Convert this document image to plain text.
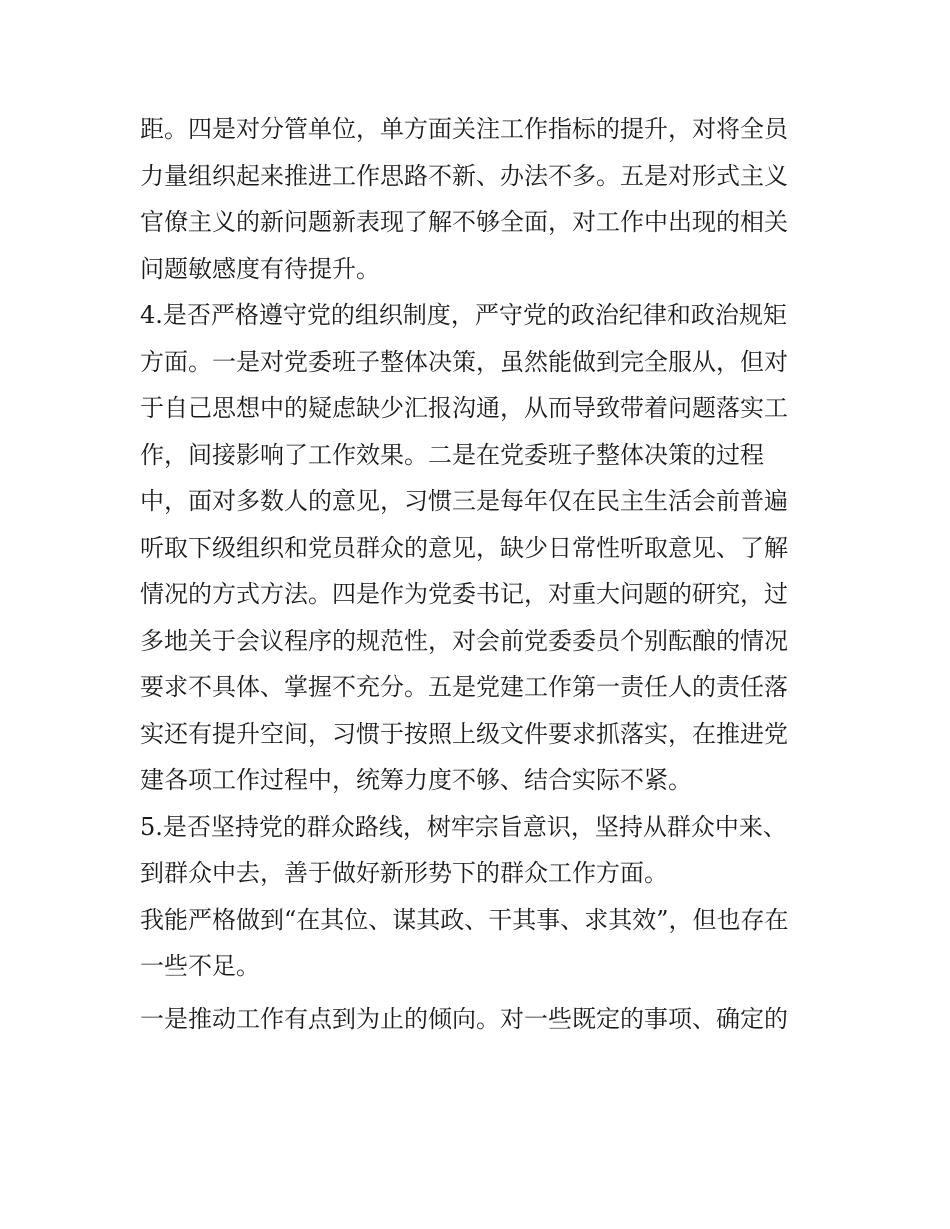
距。四是对分管单位，单方面关注工作指标的提升，对将全员
力量组织起来推进工作思路不新、办法不多。五是对形式主义
官僚主义的新问题新表现了解不够全面，对工作中出现的相关
问题敏感度有待提升。
4.是否严格遵守党的组织制度，严守党的政治纪律和政治规矩
方面。一是对党委班子整体决策，虽然能做到完全服从，但对
于自己思想中的疑虑缺少汇报沟通，从而导致带着问题落实工
作，间接影响了工作效果。二是在党委班子整体决策的过程
中，面对多数人的意见，习惯三是每年仅在民主生活会前普遍
听取下级组织和党员群众的意见，缺少日常性听取意见、了解
情况的方式方法。四是作为党委书记，对重大问题的研究，过
多地关于会议程序的规范性，对会前党委委员个别酝酿的情况
要求不具体、掌握不充分。五是党建工作第一责任人的责任落
实还有提升空间，习惯于按照上级文件要求抓落实，在推进党
建各项工作过程中，统筹力度不够、结合实际不紧。
5.是否坚持党的群众路线，树牢宗旨意识，坚持从群众中来、
到群众中去，善于做好新形势下的群众工作方面。
我能严格做到“在其位、谋其政、干其事、求其效”，但也存在
一些不足。
一是推动工作有点到为止的倾向。对一些既定的事项、确定的
